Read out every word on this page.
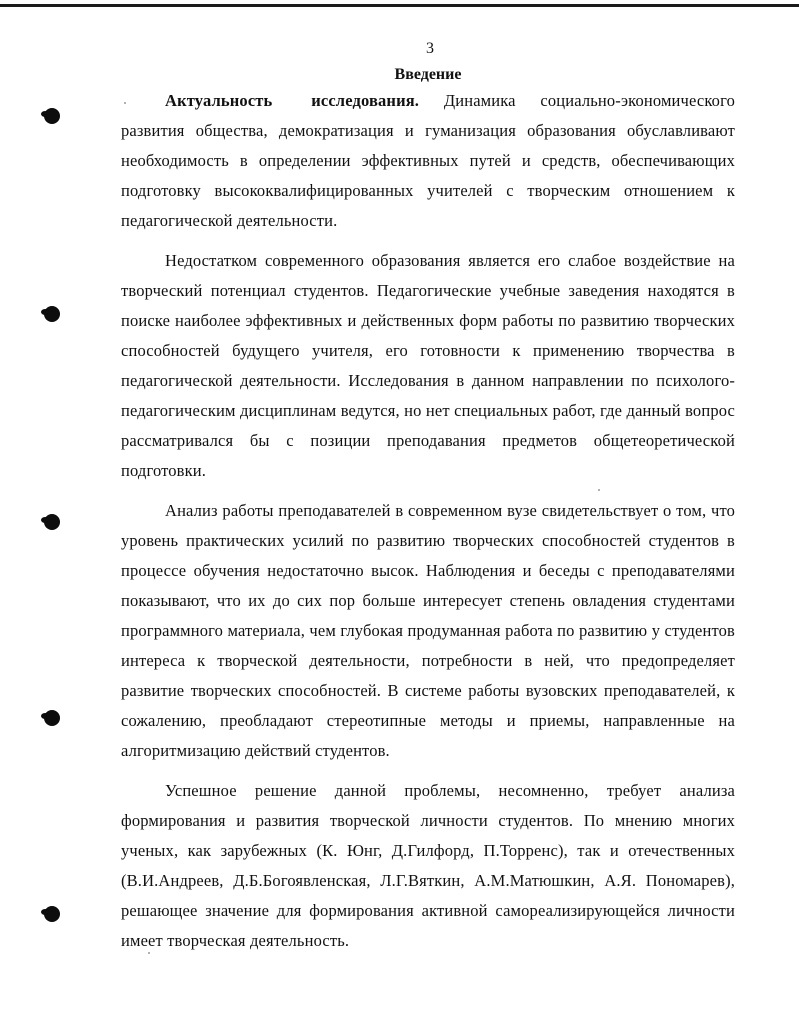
3
Введение

Актуальность исследования. Динамика социально-экономического развития общества, демократизация и гуманизация образования обуславливают необходимость в определении эффективных путей и средств, обеспечивающих подготовку высококвалифицированных учителей с творческим отношением к педагогической деятельности.

Недостатком современного образования является его слабое воздействие на творческий потенциал студентов. Педагогические учебные заведения находятся в поиске наиболее эффективных и действенных форм работы по развитию творческих способностей будущего учителя, его готовности к применению творчества в педагогической деятельности. Исследования в данном направлении по психолого-педагогическим дисциплинам ведутся, но нет специальных работ, где данный вопрос рассматривался бы с позиции преподавания предметов общетеоретической подготовки.

Анализ работы преподавателей в современном вузе свидетельствует о том, что уровень практических усилий по развитию творческих способностей студентов в процессе обучения недостаточно высок. Наблюдения и беседы с преподавателями показывают, что их до сих пор больше интересует степень овладения студентами программного материала, чем глубокая продуманная работа по развитию у студентов интереса к творческой деятельности, потребности в ней, что предопределяет развитие творческих способностей. В системе работы вузовских преподавателей, к сожалению, преобладают стереотипные методы и приемы, направленные на алгоритмизацию действий студентов.

Успешное решение данной проблемы, несомненно, требует анализа формирования и развития творческой личности студентов. По мнению многих ученых, как зарубежных (К. Юнг, Д.Гилфорд, П.Торренс), так и отечественных (В.И.Андреев, Д.Б.Богоявленская, Л.Г.Вяткин, А.М.Матюшкин, А.Я. Пономарев), решающее значение для формирования активной самореализирующейся личности имеет творческая деятельность.
